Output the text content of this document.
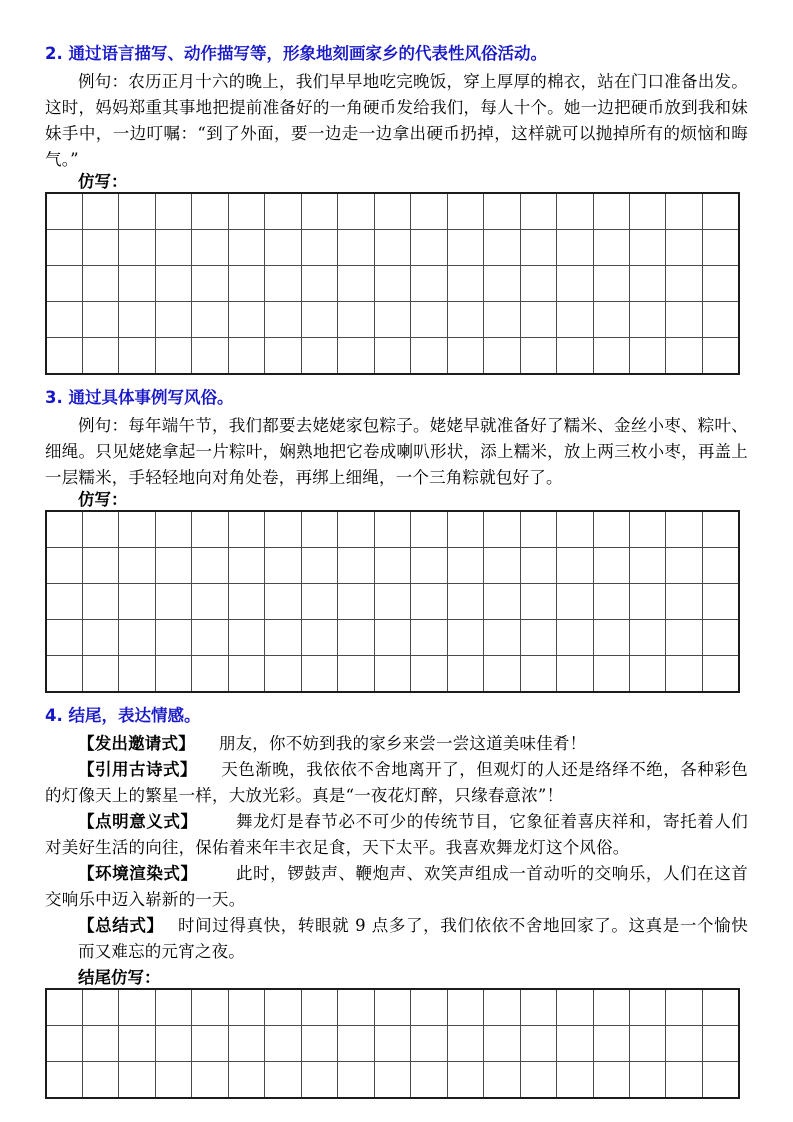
2. 通过语言描写、动作描写等，形象地刻画家乡的代表性风俗活动。

例句：农历正月十六的晚上，我们早早地吃完晚饭，穿上厚厚的棉衣，站在门口准备出发。这时，妈妈郑重其事地把提前准备好的一角硬币发给我们，每人十个。她一边把硬币放到我和妹妹手中，一边叮嘱：“到了外面，要一边走一边拿出硬币扔掉，这样就可以抛掉所有的烦恼和晦气。”

仿写：

3. 通过具体事例写风俗。

例句：每年端午节，我们都要去姥姥家包粽子。姥姥早就准备好了糯米、金丝小枣、粽叶、细绳。只见姥姥拿起一片粽叶，娴熟地把它卷成喇叭形状，添上糯米，放上两三枚小枣，再盖上一层糯米，手轻轻地向对角处卷，再绑上细绳，一个三角粽就包好了。

仿写：

4. 结尾，表达情感。

【发出邀请式】 朋友，你不妨到我的家乡来尝一尝这道美味佳肴！

【引用古诗式】 天色渐晚，我依依不舍地离开了，但观灯的人还是络绎不绝，各种彩色的灯像天上的繁星一样，大放光彩。真是“一夜花灯醉，只缘春意浓”！

【点明意义式】 舞龙灯是春节必不可少的传统节目，它象征着喜庆祥和，寄托着人们对美好生活的向往，保佑着来年丰衣足食，天下太平。我喜欢舞龙灯这个风俗。

【环境渲染式】 此时，锣鼓声、鞭炮声、欢笑声组成一首动听的交响乐，人们在这首交响乐中迈入崭新的一天。

【总结式】 时间过得真快，转眼就 9 点多了，我们依依不舍地回家了。这真是一个愉快而又难忘的元宵之夜。

结尾仿写：
